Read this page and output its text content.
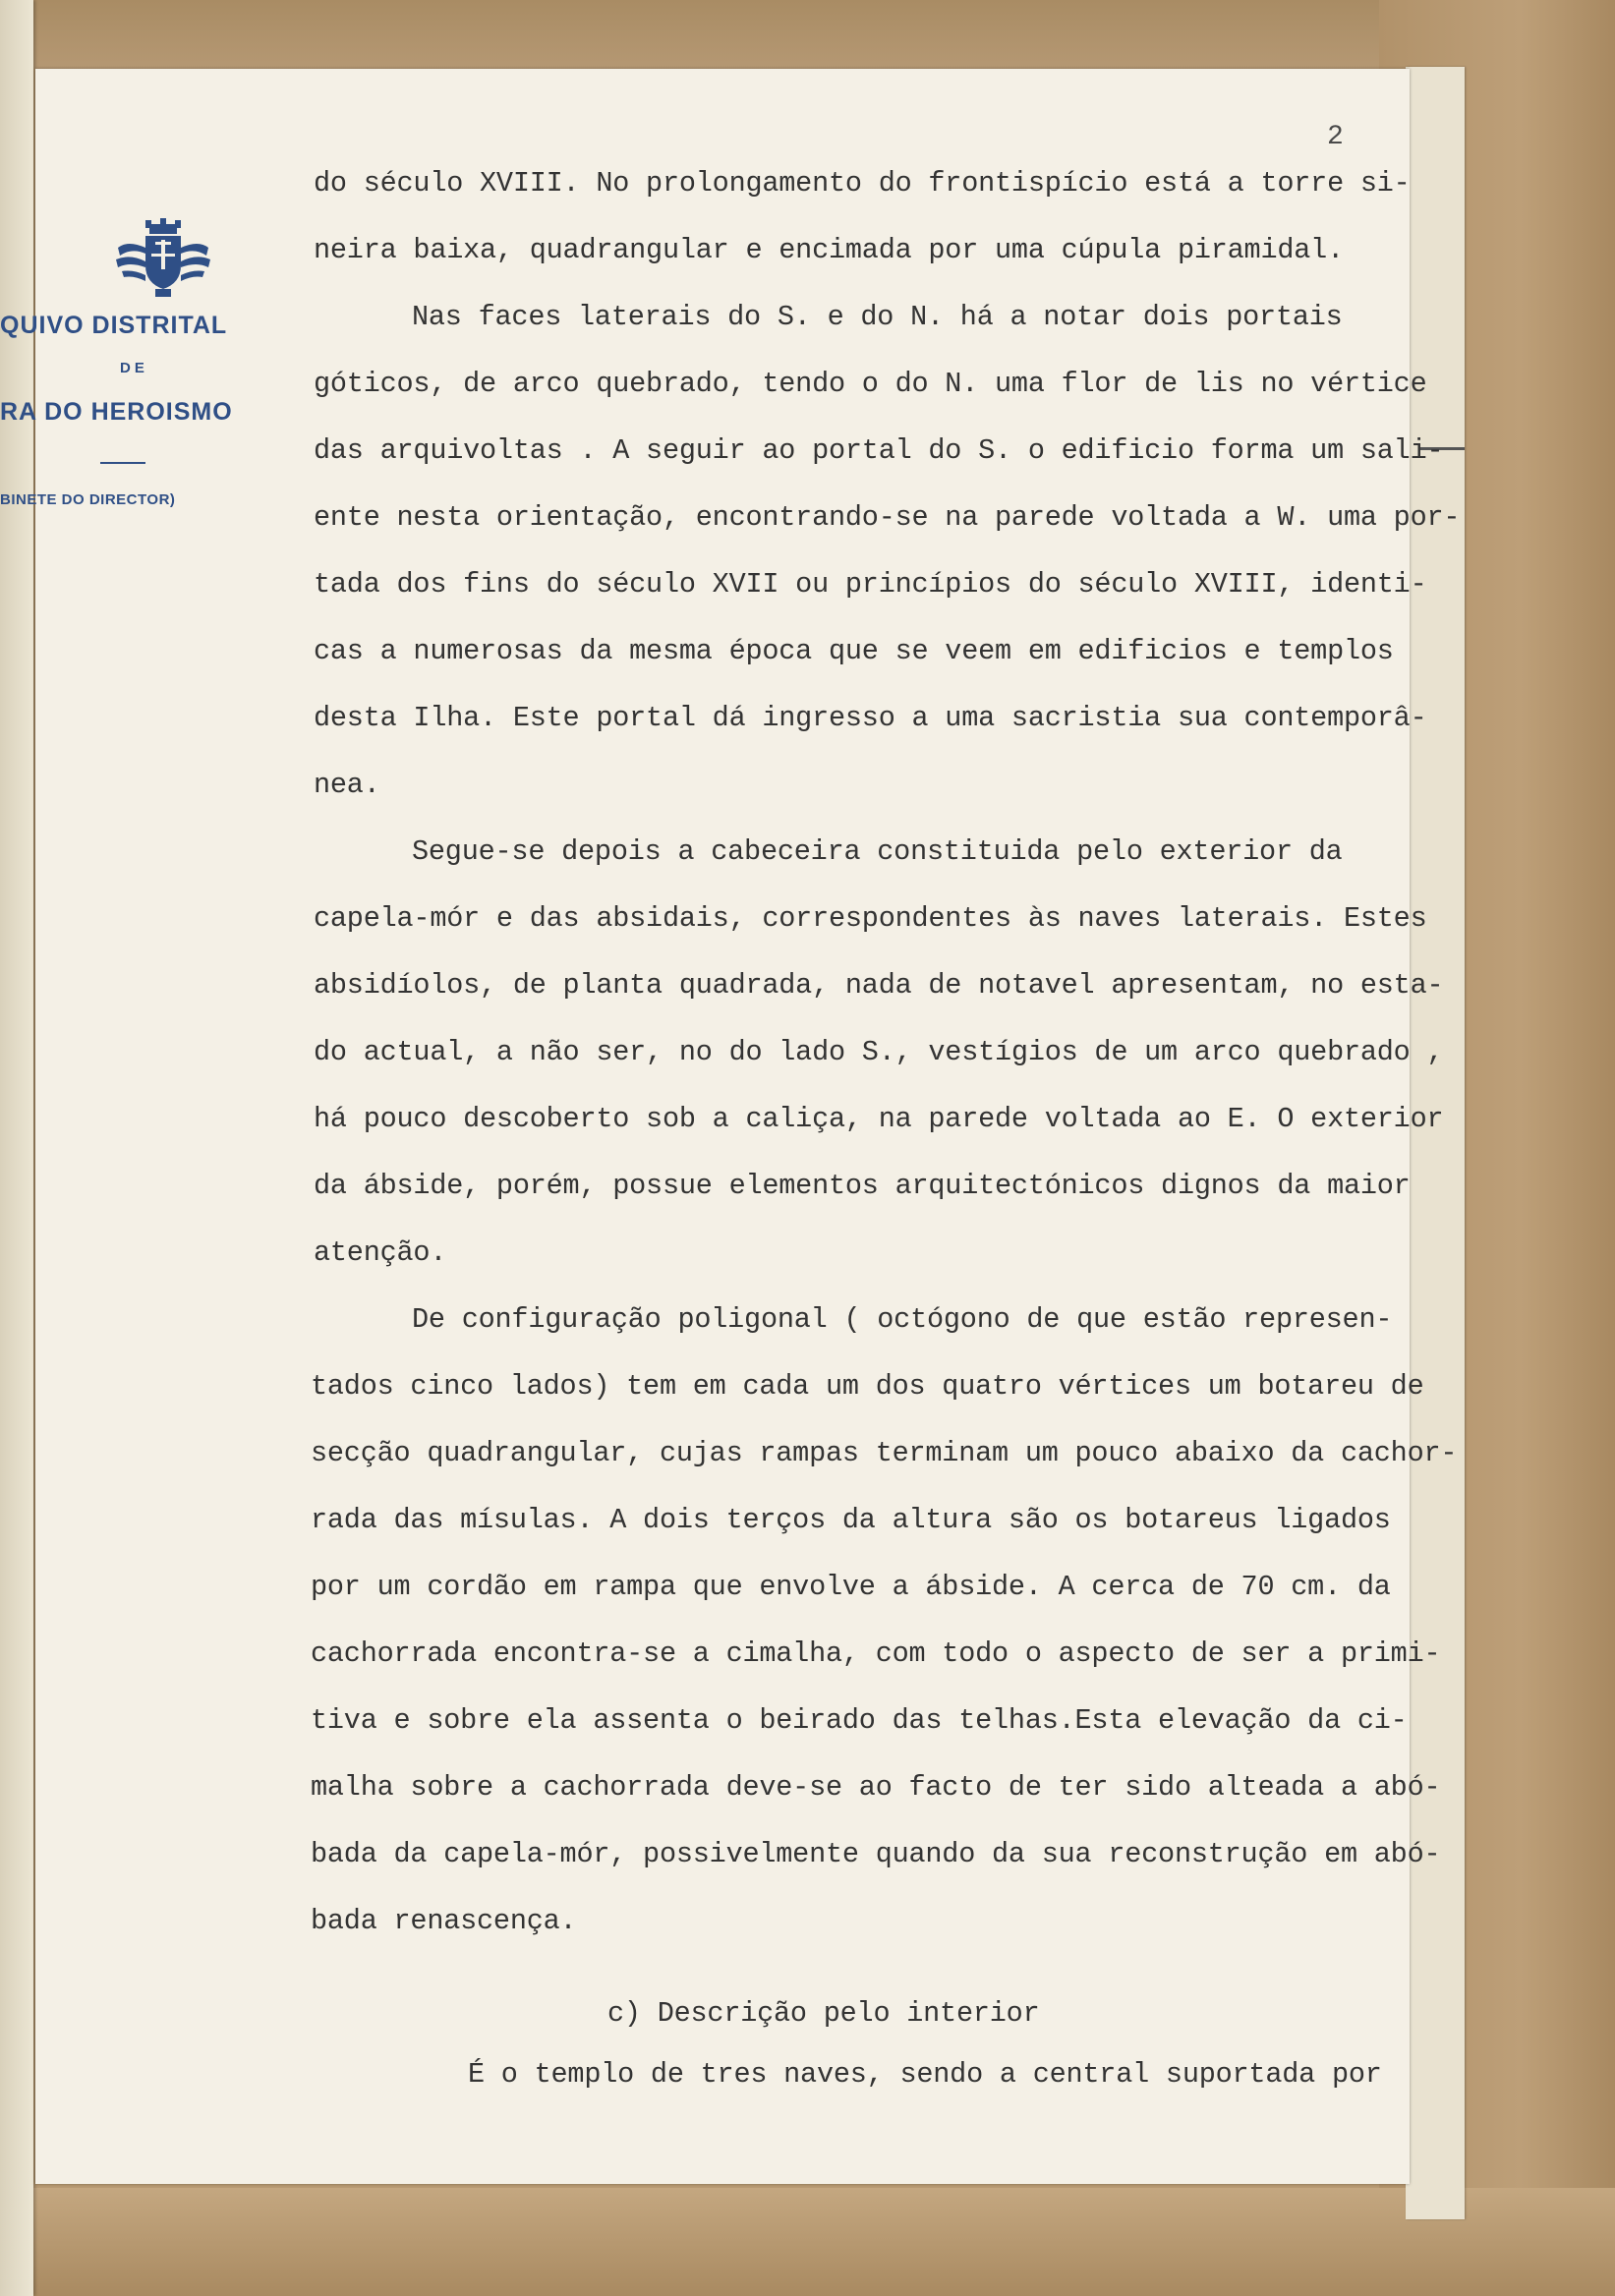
2
QUIVO DISTRITAL
DE
RA DO HEROISMO
BINETE DO DIRECTOR)
do século XVIII. No prolongamento do frontispício está a torre si-
neira baixa, quadrangular e encimada por uma cúpula piramidal.
Nas faces laterais do S. e do N. há a notar dois portais
góticos, de arco quebrado, tendo o do N. uma flor de lis no vértice
das arquivoltas . A seguir ao portal do S. o edificio forma um sali-
ente nesta orientação, encontrando-se na parede voltada a W. uma por-
tada dos fins do século XVII ou princípios do século XVIII, identi-
cas a numerosas da mesma época que se veem em edificios e templos
desta Ilha. Este portal dá ingresso a uma sacristia sua contemporâ-
nea.
Segue-se depois a cabeceira constituida pelo exterior da
capela-mór e das absidais, correspondentes às naves laterais. Estes
absidíolos, de planta quadrada, nada de notavel apresentam, no esta-
do actual, a não ser, no do lado S., vestígios de um arco quebrado ,
há pouco descoberto sob a caliça, na parede voltada ao E. O exterior
da ábside, porém, possue elementos arquitectónicos dignos da maior
atenção.
De configuração poligonal ( octógono de que estão represen-
tados cinco lados) tem em cada um dos quatro vértices um botareu de
secção quadrangular, cujas rampas terminam um pouco abaixo da cachor-
rada das mísulas. A dois terços da altura são os botareus ligados
por um cordão em rampa que envolve a ábside. A cerca de 70 cm. da
cachorrada encontra-se a cimalha, com todo o aspecto de ser a primi-
tiva e sobre ela assenta o beirado das telhas.Esta elevação da ci-
malha sobre a cachorrada deve-se ao facto de ter sido alteada a abó-
bada da capela-mór, possivelmente quando da sua reconstrução em abó-
bada renascença.
c) Descrição pelo interior
É o templo de tres naves, sendo a central suportada por
